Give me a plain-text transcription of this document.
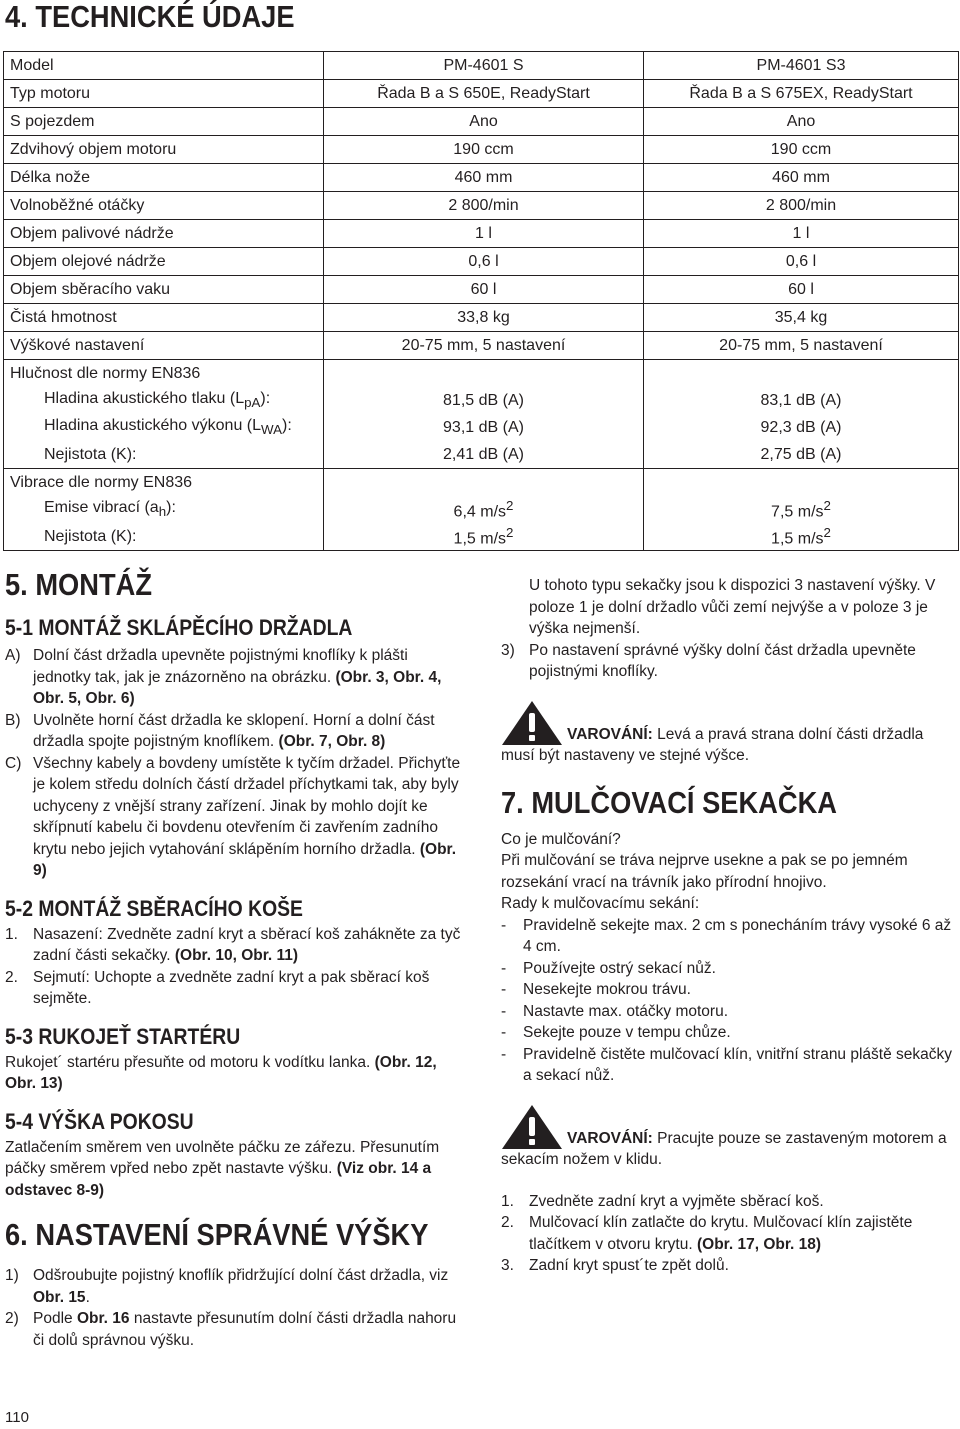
4. TECHNICKÉ ÚDAJE
Model	PM-4601 S	PM-4601 S3
Typ motoru	Řada B a S 650E, ReadyStart	Řada B a S 675EX, ReadyStart
S pojezdem	Ano	Ano
Zdvihový objem motoru	190 ccm	190 ccm
Délka nože	460 mm	460 mm
Volnoběžné otáčky	2 800/min	2 800/min
Objem palivové nádrže	1 l	1 l
Objem olejové nádrže	0,6 l	0,6 l
Objem sběracího vaku	60 l	60 l
Čistá hmotnost	33,8 kg	35,4 kg
Výškové nastavení	20-75 mm, 5 nastavení	20-75 mm, 5 nastavení
Hlučnost dle normy EN836		
Hladina akustického tlaku $(L_{pA})$:	81,5 dB (A)	83,1 dB (A)
Hladina akustického výkonu $(L_{WA})$:	93,1 dB (A)	92,3 dB (A)
Nejistota (K):	2,41 dB (A)	2,75 dB (A)
Vibrace dle normy EN836		
Emise vibrací $(a_h)$:	6,4 $m/s^2$	7,5 $m/s^2$
Nejistota (K):	1,5 $m/s^2$	1,5 $m/s^2$
5. MONTÁŽ
5-1 MONTÁŽ SKLÁPĚCÍHO DRŽADLA
A) Dolní část držadla upevněte pojistnými knoflíky k plášti jednotky tak, jak je znázorněno na obrázku. (Obr. 3, Obr. 4, Obr. 5, Obr. 6)
B) Uvolněte horní část držadla ke sklopení. Horní a dolní část držadla spojte pojistným knoflíkem. (Obr. 7, Obr. 8)
C) Všechny kabely a bovdeny umístěte k tyčím držadel. Přichyťte je kolem středu dolních částí držadel příchytkami tak, aby byly uchyceny z vnější strany zařízení. Jinak by mohlo dojít ke skřípnutí kabelu či bovdenu otevřením či zavřením zadního krytu nebo jejich vytahování sklápěním horního držadla. (Obr. 9)
5-2 MONTÁŽ SBĚRACÍHO KOŠE
1. Nasazení: Zvedněte zadní kryt a sběrací koš zahákněte za tyč zadní části sekačky. (Obr. 10, Obr. 11)
2. Sejmutí: Uchopte a zvedněte zadní kryt a pak sběrací koš sejměte.
5-3 RUKOJEŤ STARTÉRU

Rukojet´ startéru přesuňte od motoru k vodítku lanka. (Obr. 12, Obr. 13)

5-4 VÝŠKA POKOSU

Zatlačením směrem ven uvolněte páčku ze zářezu. Přesunutím páčky směrem vpřed nebo zpět nastavte výšku. (Viz obr. 14 a odstavec 8-9)

6. NASTAVENÍ SPRÁVNÉ VÝŠKY
1) Odšroubujte pojistný knoflík přidržující dolní část držadla, viz Obr. 15.
2) Podle Obr. 16 nastavte přesunutím dolní části držadla nahoru či dolů správnou výšku.

U tohoto typu sekačky jsou k dispozici 3 nastavení výšky. V poloze 1 je dolní držadlo vůči zemí nejvýše a v poloze 3 je výška nejmenší.

3) Po nastavení správné výšky dolní část držadla upevněte pojistnými knoflíky.

VAROVÁNÍ: Levá a pravá strana dolní části držadla musí být nastaveny ve stejné výšce.

7. MULČOVACÍ SEKAČKA

Co je mulčování?

Při mulčování se tráva nejprve usekne a pak se po jemném rozsekání vrací na trávník jako přírodní hnojivo.

Rady k mulčovacímu sekání:

-	Pravidelně sekejte max. 2 cm s ponecháním trávy vysoké 6 až 4 cm.
-	Používejte ostrý sekací nůž.
-	Nesekejte mokrou trávu.
-	Nastavte max. otáčky motoru.
-	Sekejte pouze v tempu chůze.
-	Pravidelně čistěte mulčovací klín, vnitřní stranu pláště sekačky a sekací nůž.

VAROVÁNÍ: Pracujte pouze se zastaveným motorem a sekacím nožem v klidu.

1. Zvedněte zadní kryt a vyjměte sběrací koš.
2. Mulčovací klín zatlačte do krytu. Mulčovací klín zajistěte tlačítkem v otvoru krytu. (Obr. 17, Obr. 18)
3. Zadní kryt spust´te zpět dolů.
110
